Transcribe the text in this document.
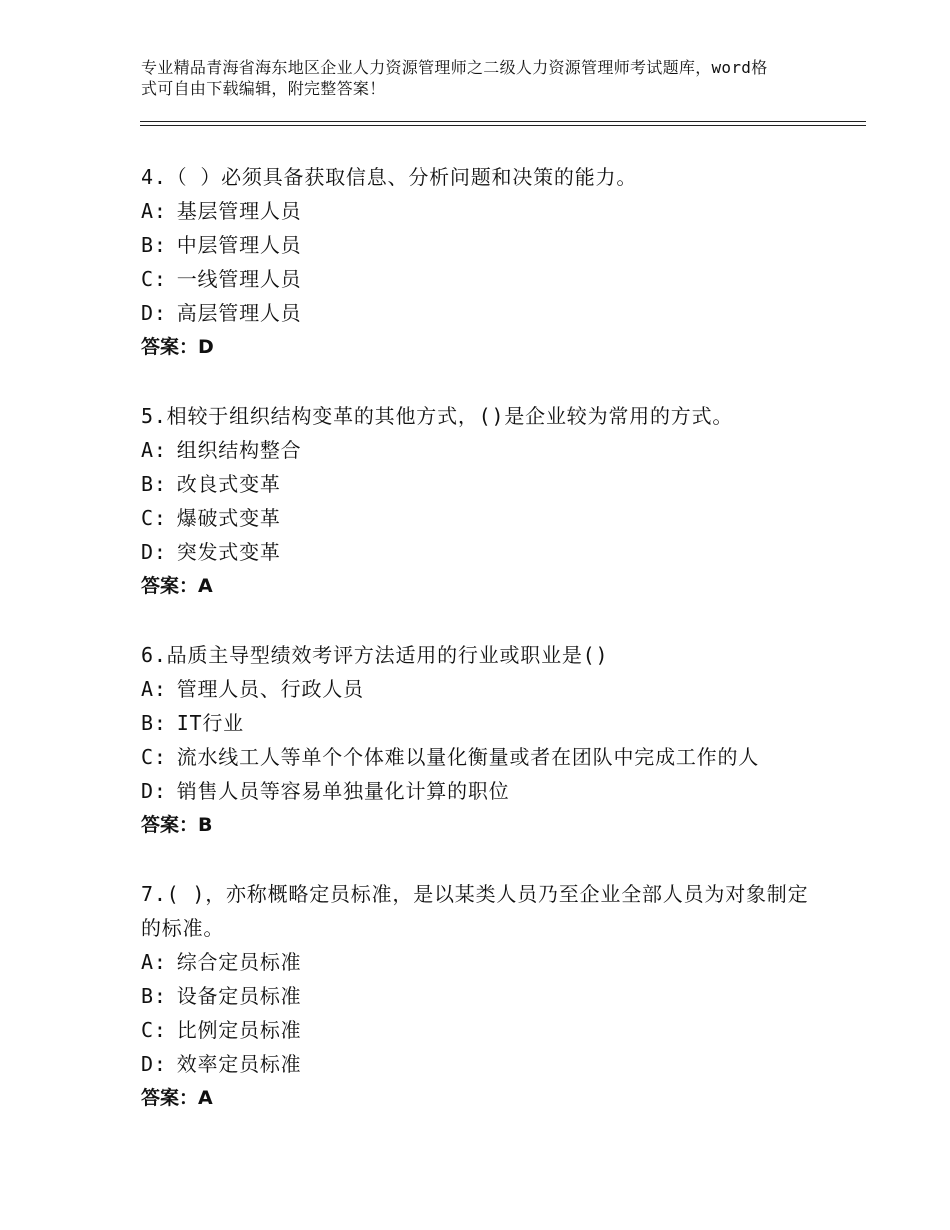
专业精品青海省海东地区企业人力资源管理师之二级人力资源管理师考试题库，word格式可自由下载编辑，附完整答案！

4.（ ）必须具备获取信息、分析问题和决策的能力。

A: 基层管理人员
B: 中层管理人员
C: 一线管理人员
D: 高层管理人员
答案：D

5.相较于组织结构变革的其他方式，()是企业较为常用的方式。

A: 组织结构整合
B: 改良式变革
C: 爆破式变革
D: 突发式变革
答案：A

6.品质主导型绩效考评方法适用的行业或职业是()

A: 管理人员、行政人员
B: IT行业
C: 流水线工人等单个个体难以量化衡量或者在团队中完成工作的人
D: 销售人员等容易单独量化计算的职位
答案：B

7.( )，亦称概略定员标准，是以某类人员乃至企业全部人员为对象制定的标准。

A: 综合定员标准
B: 设备定员标准
C: 比例定员标准
D: 效率定员标准
答案：A
